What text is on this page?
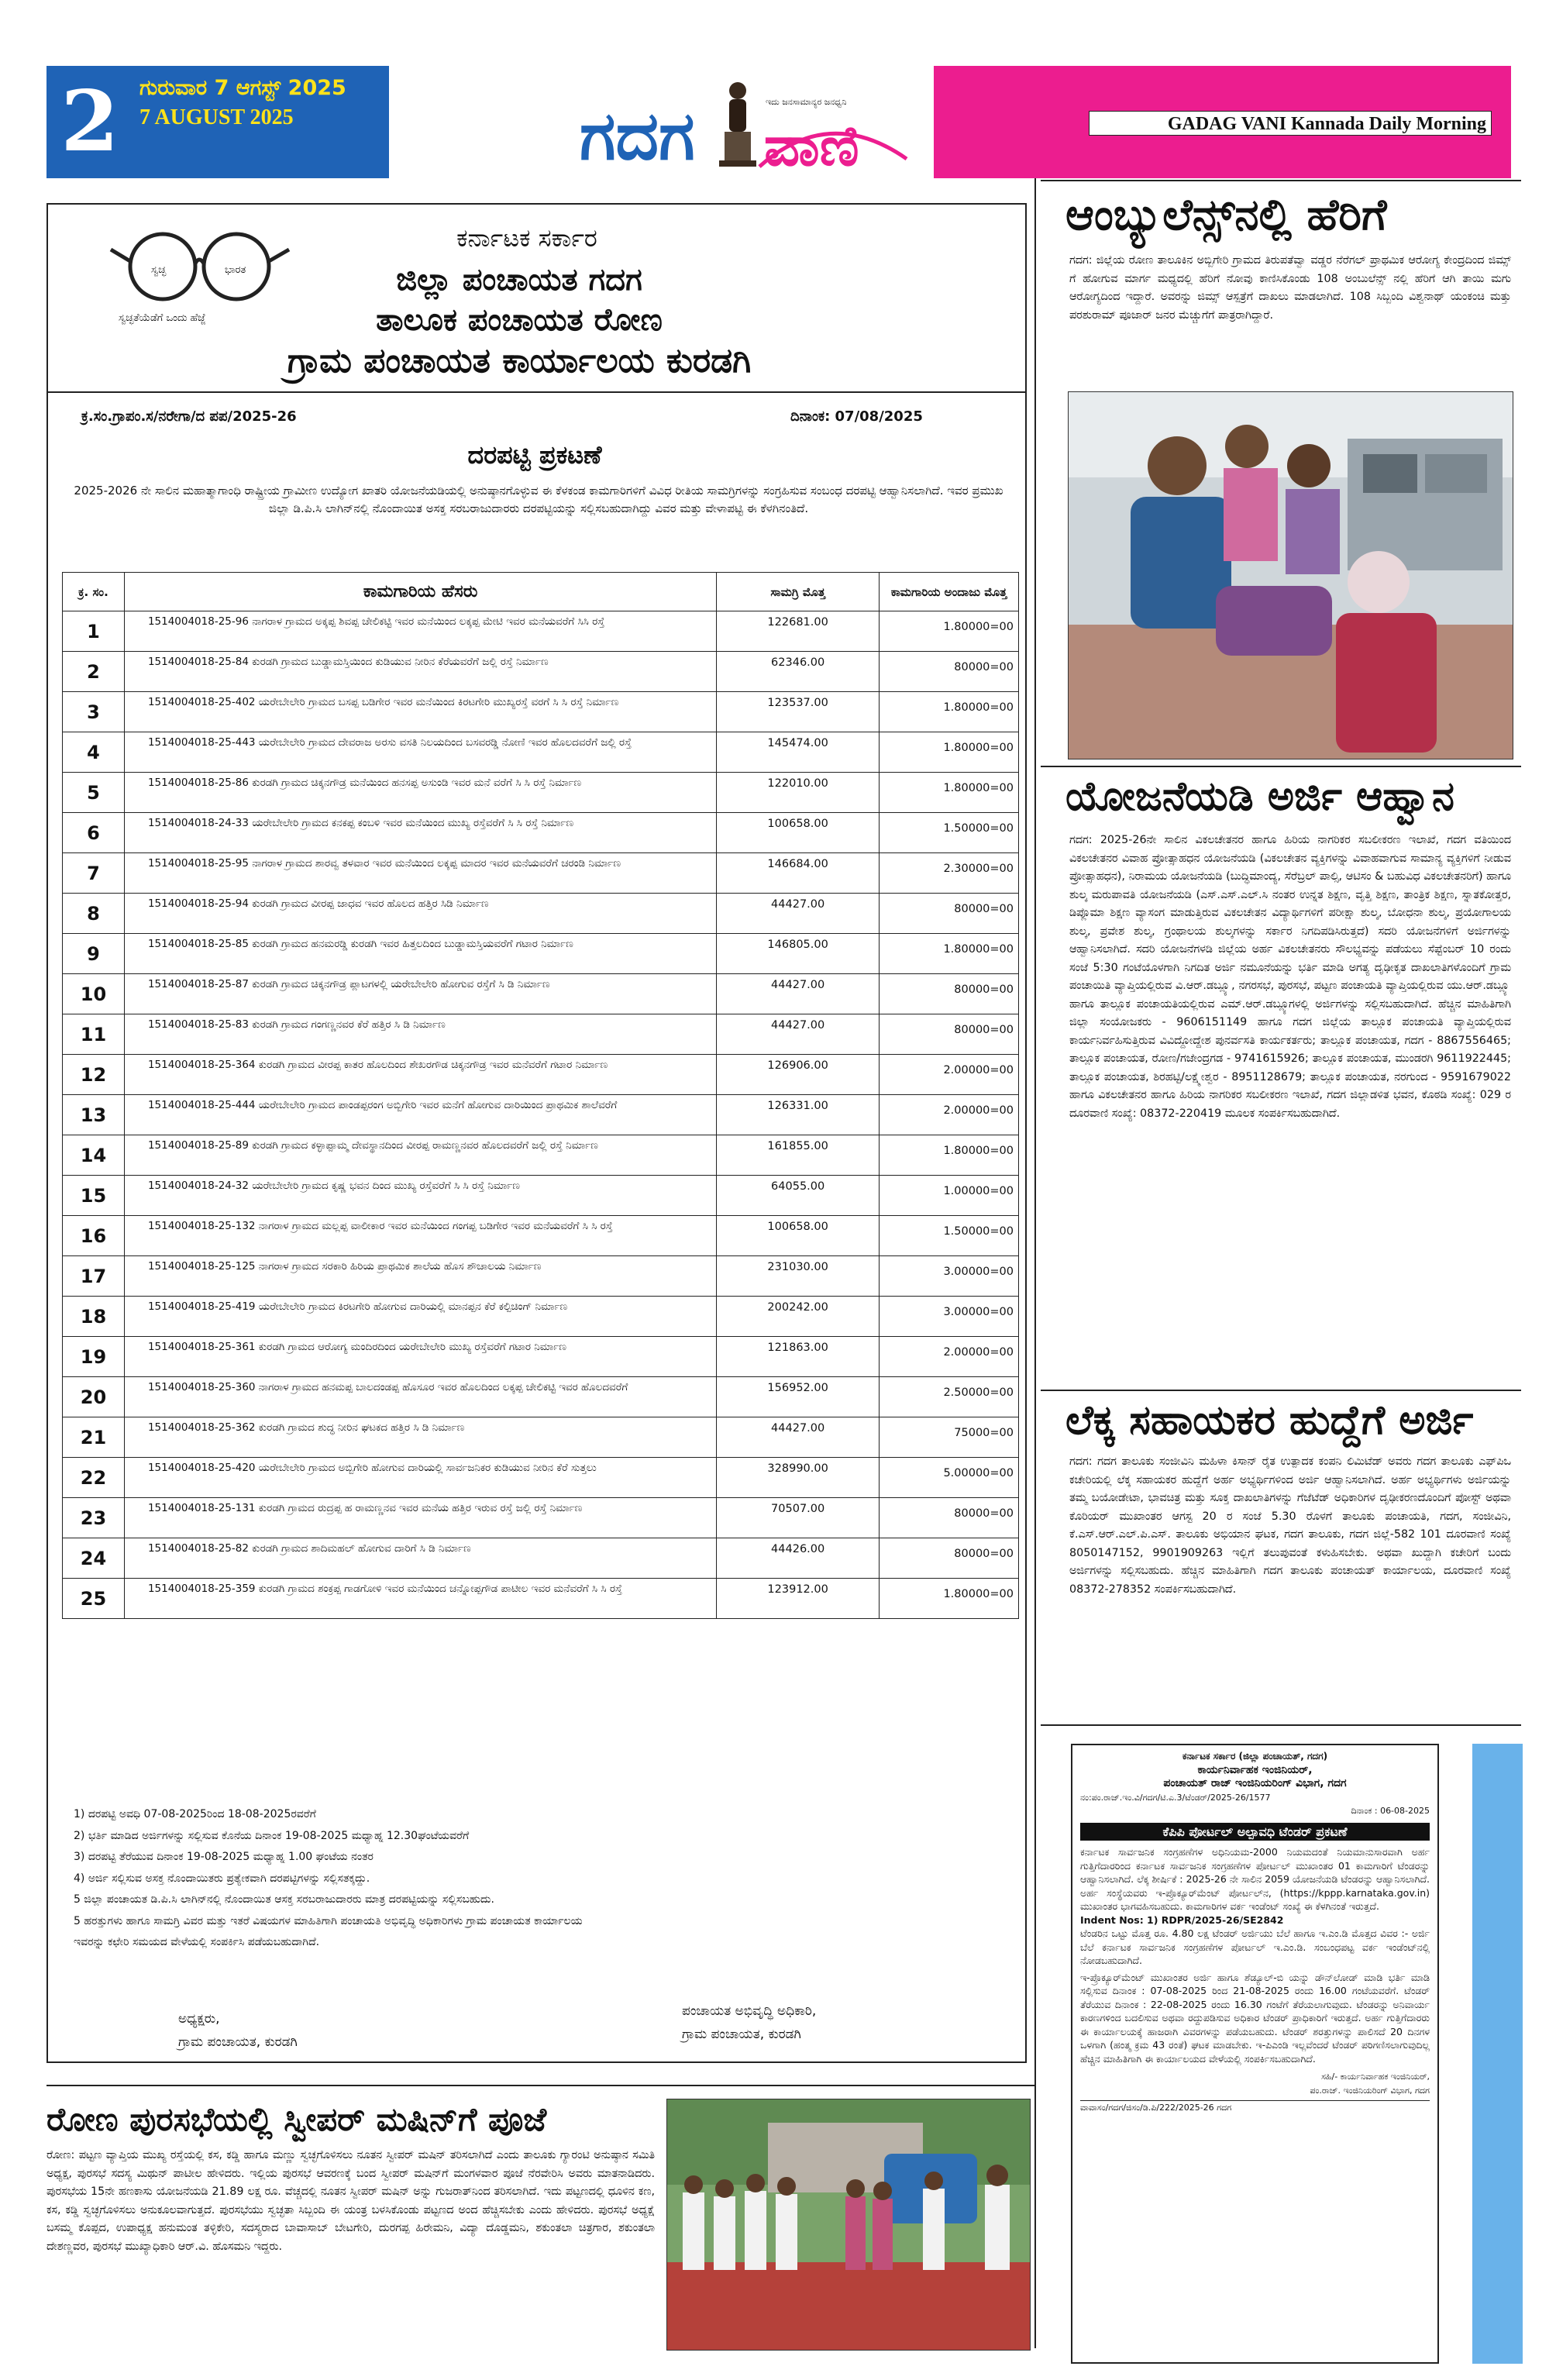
2 ಗುರುವಾರ 7 ಆಗಸ್ಟ್ 2025
7 AUGUST 2025	ಗದಗ	ಇದು ಜನಸಾಮಾನ್ಯರ ಜನಧ್ವನಿ
ವಾಣಿ	GADAG VANI Kannada Daily Morning
ಸ್ವಚ್ಛ	ಭಾರತ
ಸ್ವಚ್ಛತೆಯೆಡೆಗೆ ಒಂದು ಹೆಜ್ಜೆ
ಕರ್ನಾಟಕ ಸರ್ಕಾರ
ಜಿಲ್ಲಾ ಪಂಚಾಯತ ಗದಗ
ತಾಲೂಕ ಪಂಚಾಯತ ರೋಣ
ಗ್ರಾಮ ಪಂಚಾಯತ ಕಾರ್ಯಾಲಯ ಕುರಡಗಿ
ಕ್ರ.ಸಂ.ಗ್ರಾಪಂ.ಸ/ನರೇಗಾ/ದ ಪಪ/2025-26	ದಿನಾಂಕ: 07/08/2025
ದರಪಟ್ಟಿ ಪ್ರಕಟಣೆ
2025-2026 ನೇ ಸಾಲಿನ ಮಹಾತ್ಮಾಗಾಂಧಿ ರಾಷ್ಟ್ರೀಯ ಗ್ರಾಮೀಣ ಉದ್ಯೋಗ ಖಾತರಿ ಯೋಜನೆಯಡಿಯಲ್ಲಿ ಅನುಷ್ಠಾನಗೊಳ್ಳುವ ಈ ಕೆಳಕಂಡ ಕಾಮಗಾರಿಗಳಿಗೆ ವಿವಿಧ ರೀತಿಯ ಸಾಮಗ್ರಿಗಳನ್ನು ಸಂಗ್ರಹಿಸುವ ಸಂಬಂಧ ದರಪಟ್ಟಿ ಆಹ್ವಾನಿಸಲಾಗಿದೆ. ಇವರ ಪ್ರಮುಖ ಜಿಲ್ಲಾ ಡಿ.ಪಿ.ಸಿ ಲಾಗಿನ್‌ನಲ್ಲಿ ನೊಂದಾಯಿತ ಅಸಕ್ತ ಸರಬರಾಜುದಾರರು ದರಪಟ್ಟಿಯನ್ನು ಸಲ್ಲಿಸಬಹುದಾಗಿದ್ದು ವಿವರ ಮತ್ತು ವೇಳಾಪಟ್ಟಿ ಈ ಕೆಳಗಿನಂತಿದೆ.
ಕ್ರ. ಸಂ.	ಕಾಮಗಾರಿಯ ಹೆಸರು	ಸಾಮಗ್ರಿ ಮೊತ್ತ	ಕಾಮಗಾರಿಯ ಅಂದಾಜು ಮೊತ್ತ
1	1514004018-25-96 ನಾಗರಾಳ ಗ್ರಾಮದ ಅಕ್ಕಪ್ಪ ಶಿವಪ್ಪ ಚೇಲಿಕಟ್ಟಿ ಇವರ ಮನೆಯಿಂದ ಲಕ್ಕಪ್ಪ ಮೇಟಿ ಇವರ ಮನೆಯವರೆಗೆ ಸಿಸಿ ರಸ್ತೆ	122681.00	1.80000=00
2	1514004018-25-84 ಕುರಡಗಿ ಗ್ರಾಮದ ಬುಡ್ಡಾಮಸ್ತಿಯಿಂದ ಕುಡಿಯುವ ನೀರಿನ ಕೆರೆಯವರೆಗೆ ಜಲ್ಲಿ ರಸ್ತೆ ನಿರ್ಮಾಣ	62346.00	80000=00
3	1514004018-25-402 ಯರೇಬೇಲೇರಿ ಗ್ರಾಮದ ಬಸಪ್ಪ ಬಡಿಗೇರ ಇವರ ಮನೆಯಿಂದ ಕಿರಟಗೇರಿ ಮುಖ್ಯರಸ್ತೆ ವರಗೆ ಸಿ ಸಿ ರಸ್ತೆ ನಿರ್ಮಾಣ	123537.00	1.80000=00
4	1514004018-25-443 ಯರೇಬೇಲೇರಿ ಗ್ರಾಮದ ದೇವರಾಜ ಅರಸು ವಸತಿ ನಿಲಯದಿಂದ ಬಸವರಡ್ಡಿ ನೋಣಿ ಇವರ ಹೊಲದವರೆಗೆ ಜಲ್ಲಿ ರಸ್ತೆ	145474.00	1.80000=00
5	1514004018-25-86 ಕುರಡಗಿ ಗ್ರಾಮದ ಚಿಕ್ಕನಗೌಡ್ರ ಮನೆಯಿಂದ ಹನಸಪ್ಪ ಅಸುಂಡಿ ಇವರ ಮನೆ ವರೆಗೆ ಸಿ ಸಿ ರಸ್ತೆ ನಿರ್ಮಾಣ	122010.00	1.80000=00
6	1514004018-24-33 ಯರೇಬೇಲೇರಿ ಗ್ರಾಮದ ಕನಕಪ್ಪ ಕಂಬಳಿ ಇವರ ಮನೆಯಿಂದ ಮುಖ್ಯ ರಸ್ತೆವರೆಗೆ ಸಿ ಸಿ ರಸ್ತೆ ನಿರ್ಮಾಣ	100658.00	1.50000=00
7	1514004018-25-95 ನಾಗರಾಳ ಗ್ರಾಮದ ಶಾರವ್ವ ತಳವಾರ ಇವರ ಮನೆಯಿಂದ ಲಕ್ಕಪ್ಪ ಮಾದರ ಇವರ ಮನೆಯವರೆಗೆ ಚರಂಡಿ ನಿರ್ಮಾಣ	146684.00	2.30000=00
8	1514004018-25-94 ಕುರಡಗಿ ಗ್ರಾಮದ ವೀರಪ್ಪ ಜಾಧವ ಇವರ ಹೊಲದ ಹತ್ತಿರ ಸಿಡಿ ನಿರ್ಮಾಣ	44427.00	80000=00
9	1514004018-25-85 ಕುರಡಗಿ ಗ್ರಾಮದ ಹನಮರಡ್ಡಿ ಕುರಡಗಿ ಇವರ ಹಿತ್ತಲದಿಂದ ಬುಡ್ಡಾಮಸ್ತಿಯವರೆಗೆ ಗಟಾರ ನಿರ್ಮಾಣ	146805.00	1.80000=00
10	1514004018-25-87 ಕುರಡಗಿ ಗ್ರಾಮದ ಚಿಕ್ಕನಗೌಡ್ರ ಪ್ಲಾಟಗಳಲ್ಲಿ ಯರೇಬೇಲೇರಿ ಹೋಗುವ ರಸ್ತೆಗೆ ಸಿ ಡಿ ನಿರ್ಮಾಣ	44427.00	80000=00
11	1514004018-25-83 ಕುರಡಗಿ ಗ್ರಾಮದ ಗಂಗಣ್ಣನವರ ಕೆರೆ ಹತ್ತಿರ ಸಿ ಡಿ ನಿರ್ಮಾಣ	44427.00	80000=00
12	1514004018-25-364 ಕುರಡಗಿ ಗ್ರಾಮದ ವೀರಪ್ಪ ಕಾತರ ಹೊಲದಿಂದ ಶೇಖರಗೌಡ ಚಿಕ್ಕನಗೌಡ್ರ ಇವರ ಮನೆವರೆಗೆ ಗಟಾರ ನಿರ್ಮಾಣ	126906.00	2.00000=00
13	1514004018-25-444 ಯರೇಬೇಲೇರಿ ಗ್ರಾಮದ ಪಾಂಡಪ್ಪರಂಗ ಅಬ್ಬಿಗೇರಿ ಇವರ ಮನೆಗೆ ಹೋಗುವ ದಾರಿಯಿಂದ ಪ್ರಾಥಮಿಕ ಶಾಲೆವರೆಗೆ	126331.00	2.00000=00
14	1514004018-25-89 ಕುರಡಗಿ ಗ್ರಾಮದ ಕಳ್ಳಾಪ್ಪಾಮ್ಮ ದೇವಸ್ಥಾನದಿಂದ ವೀರಪ್ಪ ರಾಮಣ್ಣನವರ ಹೊಲದವರೆಗೆ ಜಲ್ಲಿ ರಸ್ತೆ ನಿರ್ಮಾಣ	161855.00	1.80000=00
15	1514004018-24-32 ಯರೇಬೇಲೇರಿ ಗ್ರಾಮದ ಕೃಷ್ಣ ಭವನ ದಿಂದ ಮುಖ್ಯ ರಸ್ತೆವರೆಗೆ ಸಿ ಸಿ ರಸ್ತೆ ನಿರ್ಮಾಣ	64055.00	1.00000=00
16	1514004018-25-132 ನಾಗರಾಳ ಗ್ರಾಮದ ಮಲ್ಲಪ್ಪ ವಾಲೀಕಾರ ಇವರ ಮನೆಯಿಂದ ಗಂಗಪ್ಪ ಬಡಿಗೇರ ಇವರ ಮನೆಯವರೆಗೆ ಸಿ ಸಿ ರಸ್ತೆ	100658.00	1.50000=00
17	1514004018-25-125 ನಾಗರಾಳ ಗ್ರಾಮದ ಸರಕಾರಿ ಹಿರಿಯ ಪ್ರಾಥಮಿಕ ಶಾಲೆಯ ಹೊಸ ಶೌಚಾಲಯ ನಿರ್ಮಾಣ	231030.00	3.00000=00
18	1514004018-25-419 ಯರೇಬೇಲೇರಿ ಗ್ರಾಮದ ಕಿರಟಗೇರಿ ಹೋಗುವ ದಾರಿಯಲ್ಲಿ ಮಾನಪ್ಪನ ಕೆರೆ ಕಲ್ಪಿಚಿಂಗ್ ನಿರ್ಮಾಣ	200242.00	3.00000=00
19	1514004018-25-361 ಕುರಡಗಿ ಗ್ರಾಮದ ಆರೋಗ್ಯ ಮಂದಿರದಿಂದ ಯರೇಬೇಲೇರಿ ಮುಖ್ಯ ರಸ್ತೆವರೆಗೆ ಗಟಾರ ನಿರ್ಮಾಣ	121863.00	2.00000=00
20	1514004018-25-360 ನಾಗರಾಳ ಗ್ರಾಮದ ಹನಮಪ್ಪ ಬಾಲದಂಡಪ್ಪ ಹೊಸೂರ ಇವರ ಹೊಲದಿಂದ ಲಕ್ಕಪ್ಪ ಚೇಲಿಕಟ್ಟಿ ಇವರ ಹೊಲದವರೆಗೆ	156952.00	2.50000=00
21	1514004018-25-362 ಕುರಡಗಿ ಗ್ರಾಮದ ಶುದ್ಧ ನೀರಿನ ಘಟಕದ ಹತ್ತಿರ ಸಿ ಡಿ ನಿರ್ಮಾಣ	44427.00	75000=00
22	1514004018-25-420 ಯರೇಬೇಲೇರಿ ಗ್ರಾಮದ ಅಬ್ಬಿಗೇರಿ ಹೋಗುವ ದಾರಿಯಲ್ಲಿ ಸಾರ್ವಜನಿಕರ ಕುಡಿಯುವ ನೀರಿನ ಕೆರೆ ಸುತ್ತಲು	328990.00	5.00000=00
23	1514004018-25-131 ಕುರಡಗಿ ಗ್ರಾಮದ ರುದ್ರಪ್ಪ ಹ ರಾಮಣ್ಣನವ ಇವರ ಮನೆಯ ಹತ್ತಿರ ಇರುವ ರಸ್ತೆ ಜಲ್ಲಿ ರಸ್ತೆ ನಿರ್ಮಾಣ	70507.00	80000=00
24	1514004018-25-82 ಕುರಡಗಿ ಗ್ರಾಮದ ಶಾದಿಮಹಲ್ ಹೋಗುವ ದಾರಿಗೆ ಸಿ ಡಿ ನಿರ್ಮಾಣ	44426.00	80000=00
25	1514004018-25-359 ಕುರಡಗಿ ಗ್ರಾಮದ ಶಂಕ್ರಪ್ಪ ಗಾಡಗೋಳಿ ಇವರ ಮನೆಯಿಂದ ಚನ್ನೋಪ್ಪಗೌಡ ಪಾಟೀಲ ಇವರ ಮನೆವರೆಗೆ ಸಿ ಸಿ ರಸ್ತೆ	123912.00	1.80000=00
1) ದರಪಟ್ಟಿ ಅವಧಿ 07-08-2025ರಿಂದ 18-08-2025ರವರೆಗೆ
2) ಭರ್ತಿ ಮಾಡಿದ ಅರ್ಜಿಗಳನ್ನು ಸಲ್ಲಿಸುವ ಕೊನೆಯ ದಿನಾಂಕ 19-08-2025 ಮಧ್ಯಾಹ್ನ 12.30ಘಂಟೆಯವರೆಗೆ
3) ದರಪಟ್ಟಿ ತೆರೆಯುವ ದಿನಾಂಕ 19-08-2025 ಮಧ್ಯಾಹ್ನ 1.00 ಘಂಟೆಯ ನಂತರ
4) ಅರ್ಜಿ ಸಲ್ಲಿಸುವ ಅಸಕ್ತ ನೊಂದಾಯಿತರು ಪ್ರತ್ಯೇಕವಾಗಿ ದರಪಟ್ಟಿಗಳನ್ನು ಸಲ್ಲಿಸತಕ್ಕದ್ದು.
5 ಜಿಲ್ಲಾ ಪಂಚಾಯತ ಡಿ.ಪಿ.ಸಿ ಲಾಗಿನ್‌ನಲ್ಲಿ ನೊಂದಾಯಿತ ಆಸಕ್ತ ಸರಬರಾಜುದಾರರು ಮಾತ್ರ ದರಪಟ್ಟಿಯನ್ನು ಸಲ್ಲಿಸಬಹುದು.
5 ಹರತ್ತುಗಳು ಹಾಗೂ ಸಾಮಗ್ರಿ ವಿವರ ಮತ್ತು ಇತರೆ ವಿಷಯಗಳ ಮಾಹಿತಿಗಾಗಿ ಪಂಚಾಯತಿ ಅಭಿವೃದ್ಧಿ ಅಧಿಕಾರಿಗಳು ಗ್ರಾಮ ಪಂಚಾಯತ ಕಾರ್ಯಾಲಯ
ಇವರನ್ನು ಕಛೇರಿ ಸಮಯದ ವೇಳೆಯಲ್ಲಿ ಸಂಪರ್ಕಿಸಿ ಪಡೆಯಬಹುದಾಗಿದೆ.
ಅಧ್ಯಕ್ಷರು,
ಗ್ರಾಮ ಪಂಚಾಯತ, ಕುರಡಗಿ
ಪಂಚಾಯತ ಅಭಿವೃದ್ಧಿ ಅಧಿಕಾರಿ,
ಗ್ರಾಮ ಪಂಚಾಯತ, ಕುರಡಗಿ
ಆಂಬ್ಯುಲೆನ್ಸ್‌ನಲ್ಲಿ ಹೆರಿಗೆ
ಗದಗ: ಜಿಲ್ಲೆಯ ರೋಣ ತಾಲೂಕಿನ ಅಬ್ಬಿಗೇರಿ ಗ್ರಾಮದ ತಿರುಪತೆವ್ವಾ ವಡ್ಡರ ನೆರೆಗಲ್ ಪ್ರಾಥಮಿಕ ಆರೋಗ್ಯ ಕೇಂದ್ರದಿಂದ ಜಿಮ್ಸ್ ಗೆ ಹೋಗುವ ಮಾರ್ಗ ಮಧ್ಯದಲ್ಲಿ ಹೆರಿಗೆ ನೋವು ಕಾಣಿಸಿಕೊಂಡು 108 ಅಂಬುಲೆನ್ಸ್ ನಲ್ಲಿ ಹೆರಿಗೆ ಆಗಿ ತಾಯಿ ಮಗು ಆರೋಗ್ಯದಿಂದ ಇದ್ದಾರೆ. ಅವರನ್ನು ಜಿಮ್ಸ್ ಆಸ್ಪತ್ರೆಗೆ ದಾಖಲು ಮಾಡಲಾಗಿದೆ. 108 ಸಿಬ್ಬಂದಿ ವಿಶ್ವನಾಥ್ ಯಂಕಂಚಿ ಮತ್ತು ಪರಶುರಾಮ್ ಪೂಜಾರ್ ಜನರ ಮೆಚ್ಚುಗೆಗೆ ಪಾತ್ರರಾಗಿದ್ದಾರೆ.
ಯೋಜನೆಯಡಿ ಅರ್ಜಿ ಆಹ್ವಾನ
ಗದಗ: 2025-26ನೇ ಸಾಲಿನ ವಿಕಲಚೇತನರ ಹಾಗೂ ಹಿರಿಯ ನಾಗರಿಕರ ಸಬಲೀಕರಣ ಇಲಾಖೆ, ಗದಗ ವತಿಯಿಂದ ವಿಕಲಚೇತನರ ವಿವಾಹ ಪ್ರೋತ್ಸಾಹಧನ ಯೋಜನೆಯಡಿ (ವಿಕಲಚೇತನ ವ್ಯಕ್ತಿಗಳನ್ನು ವಿವಾಹವಾಗುವ ಸಾಮಾನ್ಯ ವ್ಯಕ್ತಿಗಳಿಗೆ ನೀಡುವ ಪ್ರೋತ್ಸಾಹಧನ), ನಿರಾಮಯ ಯೋಜನೆಯಡಿ (ಬುದ್ಧಿಮಾಂದ್ಯ, ಸೆರೆಬ್ರಲ್ ಪಾಲ್ಸಿ, ಆಟಿಸಂ & ಬಹುವಿಧ ವಿಕಲಚೇತನರಿಗೆ) ಹಾಗೂ ಶುಲ್ಕ ಮರುಪಾವತಿ ಯೋಜನೆಯಡಿ (ಎಸ್.ಎಸ್.ಎಲ್.ಸಿ ನಂತರ ಉನ್ನತ ಶಿಕ್ಷಣ, ವೃತ್ತಿ ಶಿಕ್ಷಣ, ತಾಂತ್ರಿಕ ಶಿಕ್ಷಣ, ಸ್ನಾತಕೋತ್ತರ, ಡಿಪ್ಲೊಮಾ ಶಿಕ್ಷಣ ವ್ಯಾಸಂಗ ಮಾಡುತ್ತಿರುವ ವಿಕಲಚೇತನ ವಿದ್ಯಾರ್ಥಿಗಳಿಗೆ ಪರೀಕ್ಷಾ ಶುಲ್ಕ, ಬೋಧನಾ ಶುಲ್ಕ, ಪ್ರಯೋಗಾಲಯ ಶುಲ್ಕ, ಪ್ರವೇಶ ಶುಲ್ಕ, ಗ್ರಂಥಾಲಯ ಶುಲ್ಕಗಳನ್ನು ಸರ್ಕಾರ ನಿಗದಿಪಡಿಸಿರುತ್ತದೆ) ಸದರಿ ಯೋಜನೆಗಳಿಗೆ ಅರ್ಜಿಗಳನ್ನು ಆಹ್ವಾನಿಸಲಾಗಿದೆ. ಸದರಿ ಯೋಜನೆಗಳಡಿ ಜಿಲ್ಲೆಯ ಅರ್ಹ ವಿಕಲಚೇತನರು ಸೌಲಭ್ಯವನ್ನು ಪಡೆಯಲು ಸೆಪ್ಟೆಂಬರ್ 10 ರಂದು ಸಂಜೆ 5:30 ಗಂಟೆಯೊಳಗಾಗಿ ನಿಗದಿತ ಅರ್ಜಿ ನಮೂನೆಯನ್ನು ಭರ್ತಿ ಮಾಡಿ ಅಗತ್ಯ ದೃಢೀಕೃತ ದಾಖಲಾತಿಗಳೊಂದಿಗೆ ಗ್ರಾಮ ಪಂಚಾಯಿತಿ ವ್ಯಾಪ್ತಿಯಲ್ಲಿರುವ ವಿ.ಆರ್.ಡಬ್ಲ್ಯೂ, ನಗರಸಭೆ, ಪುರಸಭೆ, ಪಟ್ಟಣ ಪಂಚಾಯತಿ ವ್ಯಾಪ್ತಿಯಲ್ಲಿರುವ ಯು.ಆರ್.ಡಬ್ಲ್ಯೂ ಹಾಗೂ ತಾಲ್ಲೂಕ ಪಂಚಾಯತಿಯಲ್ಲಿರುವ ಎಮ್.ಆರ್.ಡಬ್ಲ್ಯೂಗಳಲ್ಲಿ ಅರ್ಜಿಗಳನ್ನು ಸಲ್ಲಿಸಬಹುದಾಗಿದೆ. ಹೆಚ್ಚಿನ ಮಾಹಿತಿಗಾಗಿ ಜಿಲ್ಲಾ ಸಂಯೋಜಕರು - 9606151149 ಹಾಗೂ ಗದಗ ಜಿಲ್ಲೆಯ ತಾಲ್ಲೂಕ ಪಂಚಾಯತಿ ವ್ಯಾಪ್ತಿಯಲ್ಲಿರುವ ಕಾರ್ಯನಿರ್ವಹಿಸುತ್ತಿರುವ ವಿವಿದ್ದೋದ್ದೇಶ ಪುನರ್ವಸತಿ ಕಾರ್ಯಕರ್ತರು; ತಾಲ್ಲೂಕ ಪಂಚಾಯತ, ಗದಗ - 8867556465; ತಾಲ್ಲೂಕ ಪಂಚಾಯತ, ರೋಣ/ಗಜೇಂದ್ರಗಡ - 9741615926; ತಾಲ್ಲೂಕ ಪಂಚಾಯತ, ಮುಂಡರಗಿ 9611922445; ತಾಲ್ಲೂಕ ಪಂಚಾಯತ, ಶಿರಹಟ್ಟಿ/ಲಕ್ಷ್ಮೇಶ್ವರ - 8951128679; ತಾಲ್ಲೂಕ ಪಂಚಾಯತ, ನರಗುಂದ - 9591679022 ಹಾಗೂ ವಿಕಲಚೇತನರ ಹಾಗೂ ಹಿರಿಯ ನಾಗರಿಕರ ಸಬಲೀಕರಣ ಇಲಾಖೆ, ಗದಗ ಜಿಲ್ಲಾಡಳಿತ ಭವನ, ಕೊಠಡಿ ಸಂಖ್ಯೆ: 029 ರ ದೂರವಾಣಿ ಸಂಖ್ಯೆ: 08372-220419 ಮೂಲಕ ಸಂಪರ್ಕಿಸಬಹುದಾಗಿದೆ.
ಲೆಕ್ಕ ಸಹಾಯಕರ ಹುದ್ದೆಗೆ ಅರ್ಜಿ
ಗದಗ: ಗದಗ ತಾಲೂಕು ಸಂಜೀವಿನಿ ಮಹಿಳಾ ಕಿಸಾನ್ ರೈತ ಉತ್ಪಾದಕ ಕಂಪನಿ ಲಿಮಿಟೆಡ್ ಅವರು ಗದಗ ತಾಲೂಕು ಎಫ್‌ಪಿಒ ಕಚೇರಿಯಲ್ಲಿ ಲೆಕ್ಕ ಸಹಾಯಕರ ಹುದ್ದೆಗೆ ಅರ್ಹ ಅಭ್ಯರ್ಥಿಗಳಿಂದ ಅರ್ಜಿ ಆಹ್ವಾನಿಸಲಾಗಿದೆ. ಅರ್ಹ ಅಭ್ಯರ್ಥಿಗಳು ಅರ್ಜಿಯನ್ನು ತಮ್ಮ ಬಯೋಡೇಟಾ, ಭಾವಚಿತ್ರ ಮತ್ತು ಸೂಕ್ತ ದಾಖಲಾತಿಗಳನ್ನು ಗೆಜೆಟೆಡ್ ಅಧಿಕಾರಿಗಳ ದೃಢೀಕರಣದೊಂದಿಗೆ ಪೋಸ್ಟ್ ಅಥವಾ ಕೊರಿಯರ್ ಮುಖಾಂತರ ಆಗಸ್ಟ 20 ರ ಸಂಜೆ 5.30 ರೊಳಗೆ ತಾಲೂಕು ಪಂಚಾಯತಿ, ಗದಗ, ಸಂಜೀವಿನಿ, ಕೆ.ಎಸ್.ಆರ್.ಎಲ್.ಪಿ.ಎಸ್. ತಾಲೂಕು ಅಭಿಯಾನ ಘಟಕ, ಗದಗ ತಾಲೂಕು, ಗದಗ ಜಿಲ್ಲೆ-582 101 ದೂರವಾಣಿ ಸಂಖ್ಯೆ 8050147152, 9901909263 ಇಲ್ಲಿಗೆ ತಲುಪುವಂತೆ ಕಳುಹಿಸಬೇಕು. ಅಥವಾ ಖುದ್ದಾಗಿ ಕಚೇರಿಗೆ ಬಂದು ಅರ್ಜಿಗಳನ್ನು ಸಲ್ಲಿಸಬಹುದು. ಹೆಚ್ಚಿನ ಮಾಹಿತಿಗಾಗಿ ಗದಗ ತಾಲೂಕು ಪಂಚಾಯತ್ ಕಾರ್ಯಾಲಯ, ದೂರವಾಣಿ ಸಂಖ್ಯೆ 08372-278352 ಸಂಪರ್ಕಿಸಬಹುದಾಗಿದೆ.
ಕರ್ನಾಟಕ ಸರ್ಕಾರ (ಜಿಲ್ಲಾ ಪಂಚಾಯತ್, ಗದಗ)
ಕಾರ್ಯನಿರ್ವಾಹಕ ಇಂಜಿನಿಯರ್,
ಪಂಚಾಯತ್ ರಾಜ್ ಇಂಜಿನಿಯರಿಂಗ್ ವಿಭಾಗ, ಗದಗ
ನಂ:ಪಂ.ರಾಜ್.ಇಂ.ವಿ/ಗದಗ/ಟಿ.ಎ.3/ಟೆಂಡರ್/2025-26/1577
ದಿನಾಂಕ : 06-08-2025
ಕೆಪಿಪಿ ಪೋರ್ಟಲ್ ಅಲ್ಪಾವಧಿ ಟೆಂಡರ್ ಪ್ರಕಟಣೆ
ಕರ್ನಾಟಕ ಸಾರ್ವಜನಿಕ ಸಂಗ್ರಹಣೆಗಳ ಅಧಿನಿಯಮ-2000 ನಿಯಮದಂತೆ ನಿಯಮಾನುಸಾರವಾಗಿ ಅರ್ಹ ಗುತ್ತಿಗೆದಾರರಿಂದ ಕರ್ನಾಟಕ ಸಾರ್ವಜನಿಕ ಸಂಗ್ರಹಣೆಗಳ ಪೋರ್ಟಲ್ ಮುಖಾಂತರ 01 ಕಾಮಗಾರಿಗೆ ಟೆಂಡರನ್ನು ಆಹ್ವಾನಿಸಲಾಗಿದೆ. ಲೆಕ್ಕ ಶೀರ್ಷಿಕೆ : 2025-26 ನೇ ಸಾಲಿನ 2059 ಯೋಜನೆಯಡಿ ಟೆಂಡರನ್ನು ಆಹ್ವಾನಿಸಲಾಗಿದೆ. ಅರ್ಹ ಸಂಸ್ಥೆಯವರು ಇ-ಪ್ರೊಕ್ಯೂರ್‌ಮೆಂಟ್ ಪೋರ್ಟಲ್‌ನ, (https://kppp.karnataka.gov.in) ಮುಖಾಂತರ ಭಾಗವಹಿಸಬಹುದು. ಕಾಮಗಾರಿಗಳ ವರ್ಕ ಇಂಡೆಂಟ್ ಸಂಖ್ಯೆ ಈ ಕೆಳಗಿನಂತೆ ಇರುತ್ತದೆ.
Indent Nos: 1) RDPR/2025-26/SE2842
ಟೆಂಡರಿನ ಒಟ್ಟು ಮೊತ್ತ ರೂ. 4.80 ಲಕ್ಷ ಟೆಂಡರ್ ಅರ್ಜಿಯು ಬೆಲೆ ಹಾಗೂ ಇ.ಎಂ.ಡಿ ಮೊತ್ತದ ವಿವರ :- ಅರ್ಜಿ ಬೆಲೆ ಕರ್ನಾಟಕ ಸಾರ್ವಜನಿಕ ಸಂಗ್ರಹಣೆಗಳ ಪೋರ್ಟಲ್ ಇ.ಎಂ.ಡಿ. ಸಂಬಂಧಪಟ್ಟ ವರ್ಕ ಇಂಡೆಂಟ್‌ನಲ್ಲಿ ನೋಡಬಹುದಾಗಿದೆ.
ಇ-ಪ್ರೊಕ್ಯೂರ್‌ಮೆಂಟ್ ಮುಖಾಂತರ ಅರ್ಜಿ ಹಾಗೂ ಶೆಡ್ಯೂಲ್-ಬಿ ಯನ್ನು ಡೌನ್‌ಲೋಡ್ ಮಾಡಿ ಭರ್ತಿ ಮಾಡಿ ಸಲ್ಲಿಸುವ ದಿನಾಂಕ : 07-08-2025 ರಿಂದ 21-08-2025 ರಂದು 16.00 ಗಂಟೆಯವರೆಗೆ. ಟೆಂಡರ್ ತೆರೆಯುವ ದಿನಾಂಕ : 22-08-2025 ರಂದು 16.30 ಗಂಟೆಗೆ ತೆರೆಯಲಾಗುವುದು. ಟೆಂಡರನ್ನು ಅನಿವಾರ್ಯ ಕಾರಣಗಳಿಂದ ಬದಲಿಸುವ ಅಥವಾ ರದ್ದುಪಡಿಸುವ ಅಧಿಕಾರ ಟೆಂಡರ್ ಪ್ರಾಧಿಕಾರಿಗೆ ಇರುತ್ತದೆ. ಅರ್ಹ ಗುತ್ತಿಗೆದಾರರು ಈ ಕಾರ್ಯಾಲಯಕ್ಕೆ ಹಾಜರಾಗಿ ವಿವರಗಳನ್ನು ಪಡೆಯಬಹುದು. ಟೆಂಡರ್ ಶರತ್ತುಗಳನ್ನು ಪಾಲಿಸದೆ 20 ದಿನಗಳ ಒಳಗಾಗಿ (ಹಂತ್ಮ ಕ್ರಮ 43 ರಂತೆ) ಘಟಕ ಮಾಡಬೇಕು. ಇ-ಪಿಎಂಡಿ ಇಲ್ಲವೆಂದರೆ ಟೆಂಡರ್ ಪರಿಗಣಿಸಲಾಗುವುದಿಲ್ಲ ಹೆಚ್ಚಿನ ಮಾಹಿತಿಗಾಗಿ ಈ ಕಾರ್ಯಾಲಯದ ವೇಳೆಯಲ್ಲಿ ಸಂಪರ್ಕಿಸಬಹುದಾಗಿದೆ.
ಸಹಿ/- ಕಾರ್ಯನಿರ್ವಾಹಕ ಇಂಜಿನಿಯರ್,
ಪಂ.ರಾಜ್. ಇಂಜಿನಿಯರಿಂಗ್ ವಿಭಾಗ, ಗದಗ
ವಾವಾಸಂ/ಗದಗ/ಜಿಸಂ/ಡಿ.ಪಿ/222/2025-26 ಗದಗ
ರೋಣ ಪುರಸಭೆಯಲ್ಲಿ ಸ್ವೀಪರ್ ಮಷಿನ್‌ಗೆ ಪೂಜೆ
ರೋಣ: ಪಟ್ಟಣ ವ್ಯಾಪ್ತಿಯ ಮುಖ್ಯ ರಸ್ತೆಯಲ್ಲಿ ಕಸ, ಕಡ್ಡಿ ಹಾಗೂ ಮಣ್ಣು ಸ್ವಚ್ಛಗೊಳಿಸಲು ನೂತನ ಸ್ವೀಪರ್ ಮಷಿನ್ ತರಿಸಲಾಗಿದೆ ಎಂದು ತಾಲೂಕು ಗ್ಯಾರಂಟಿ ಅನುಷ್ಠಾನ ಸಮಿತಿ ಅಧ್ಯಕ್ಷ, ಪುರಸಭೆ ಸದಸ್ಯ ಮಿಥುನ್ ಪಾಟೀಲ ಹೇಳಿದರು. ಇಲ್ಲಿಯ ಪುರಸಭೆ ಆವರಣಕ್ಕೆ ಬಂದ ಸ್ವೀಪರ್ ಮಷಿನ್‌ಗೆ ಮಂಗಳವಾರ ಪೂಜೆ ನೆರವೇರಿಸಿ ಅವರು ಮಾತನಾಡಿದರು. ಪುರಸಭೆಯ 15ನೇ ಹಣಕಾಸು ಯೋಜನೆಯಡಿ 21.89 ಲಕ್ಷ ರೂ. ವೆಚ್ಚದಲ್ಲಿ ನೂತನ ಸ್ವೀಪರ್ ಮಷಿನ್ ಅನ್ನು ಗುಜರಾತ್‌ನಿಂದ ತರಿಸಲಾಗಿದೆ. ಇದು ಪಟ್ಟಣದಲ್ಲಿ ಧೂಳಿನ ಕಣ, ಕಸ, ಕಡ್ಡಿ ಸ್ವಚ್ಛಗೊಳಿಸಲು ಅನುಕೂಲವಾಗುತ್ತದೆ. ಪುರಸಭೆಯು ಸ್ವಚ್ಛತಾ ಸಿಬ್ಬಂದಿ ಈ ಯಂತ್ರ ಬಳಸಿಕೊಂಡು ಪಟ್ಟಣದ ಅಂದ ಹೆಚ್ಚಿಸಬೇಕು ಎಂದು ಹೇಳಿದರು. ಪುರಸಭೆ ಅಧ್ಯಕ್ಷೆ ಬಸಮ್ಮ ಕೊಪ್ಪದ, ಉಪಾಧ್ಯಕ್ಷ ಹನುಮಂತ ತಳ್ಳಿಕೇರಿ, ಸದಸ್ಯರಾದ ಬಾವಾಸಾಬ್ ಬೇಟಗೇರಿ, ದುರಗಪ್ಪ ಹಿರೇಮನಿ, ವಿದ್ಯಾ ದೊಡ್ಡಮನಿ, ಶಕುಂತಲಾ ಚಿತ್ರಗಾರ, ಶಕುಂತಲಾ ದೇಶಣ್ಣವರ, ಪುರಸಭೆ ಮುಖ್ಯಾಧಿಕಾರಿ ಆರ್.ವಿ. ಹೊಸಮನಿ ಇದ್ದರು.
